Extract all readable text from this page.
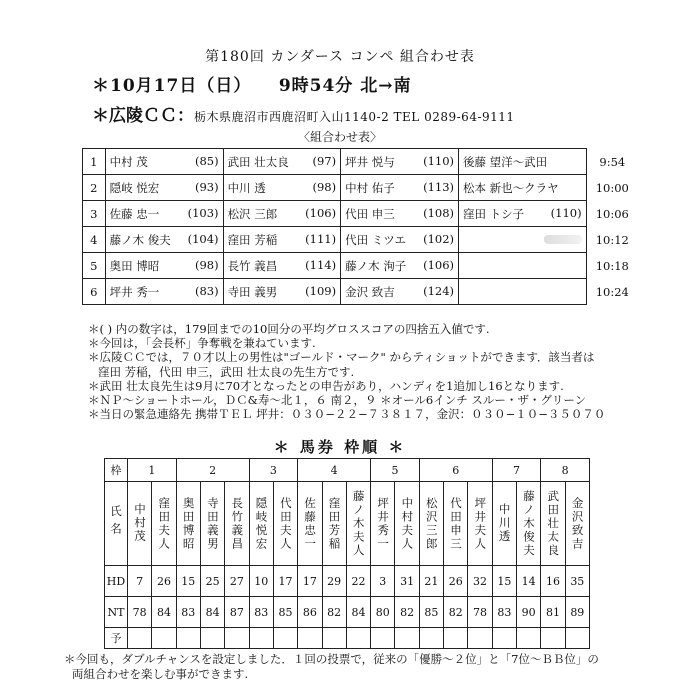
第180回 カンダース コンペ 組合わせ表
＊10月17日（日）　　9時54分 北→南
＊広陵ＣＣ：栃木県鹿沼市西鹿沼町入山1140-2 TEL 0289-64-9111
〈組合わせ表〉
1	中村 茂 (85)	武田 壮太良 (97)	坪井 悦与 (110)	後藤 望洋〜武田	9:54
2	隠岐 悦宏 (93)	中川 透 (98)	中村 佑子 (113)	松本 新也〜クラヤ	10:00
3	佐藤 忠一 (103)	松沢 三郎 (106)	代田 申三 (108)	窪田 トシ子 (110)	10:06
4	藤ノ木 俊夫 (104)	窪田 芳稲 (111)	代田 ミツエ (102)		10:12
5	奥田 博昭 (98)	長竹 義昌 (114)	藤ノ木 洵子 (106)		10:18
6	坪井 秀一 (83)	寺田 義男 (109)	金沢 致吉 (124)		10:24
＊( ) 内の数字は，179回までの10回分の平均グロススコアの四捨五入値です.
＊今回は，「会長杯」争奪戦を兼ねています.
＊広陵ＣＣでは，７０才以上の男性は"ゴールド・マーク" からティショットができます．該当者は
窪田 芳稲，代田 申三，武田 壮太良の先生方です.
＊武田 壮太良先生は9月に70才となったとの申告があり，ハンディを1追加し16となります.
＊ＮＰ〜ショートホール，ＤＣ&寿〜北１，６ 南２，９ ＊オール6インチ スルー・ザ・グリーン
＊当日の緊急連絡先 携帯ＴＥＬ 坪井：０３０−２２−７３８１７，金沢：０３０−１０−３５０７０
＊ 馬券 枠順 ＊
枠	1		2			3		4			5		6			7		8	
氏名	中村茂	窪田夫人	奥田博昭	寺田義男	長竹義昌	隠岐悦宏	代田夫人	佐藤忠一	窪田芳稲	藤ノ木夫人	坪井秀一	中村夫人	松沢三郎	代田申三	坪井夫人	中川透	藤ノ木俊夫	武田壮太良	金沢致吉

HD	7	26	15	25	27	10	17	17	29	22	3	31	21	26	32	15	14	16	35
NT	78	84	83	84	87	83	85	86	82	84	80	82	85	82	78	83	90	81	89
予																			
＊今回も，ダブルチャンスを設定しました．１回の投票で，従来の「優勝〜２位」と「7位〜ＢＢ位」の
両組合わせを楽しむ事ができます.
